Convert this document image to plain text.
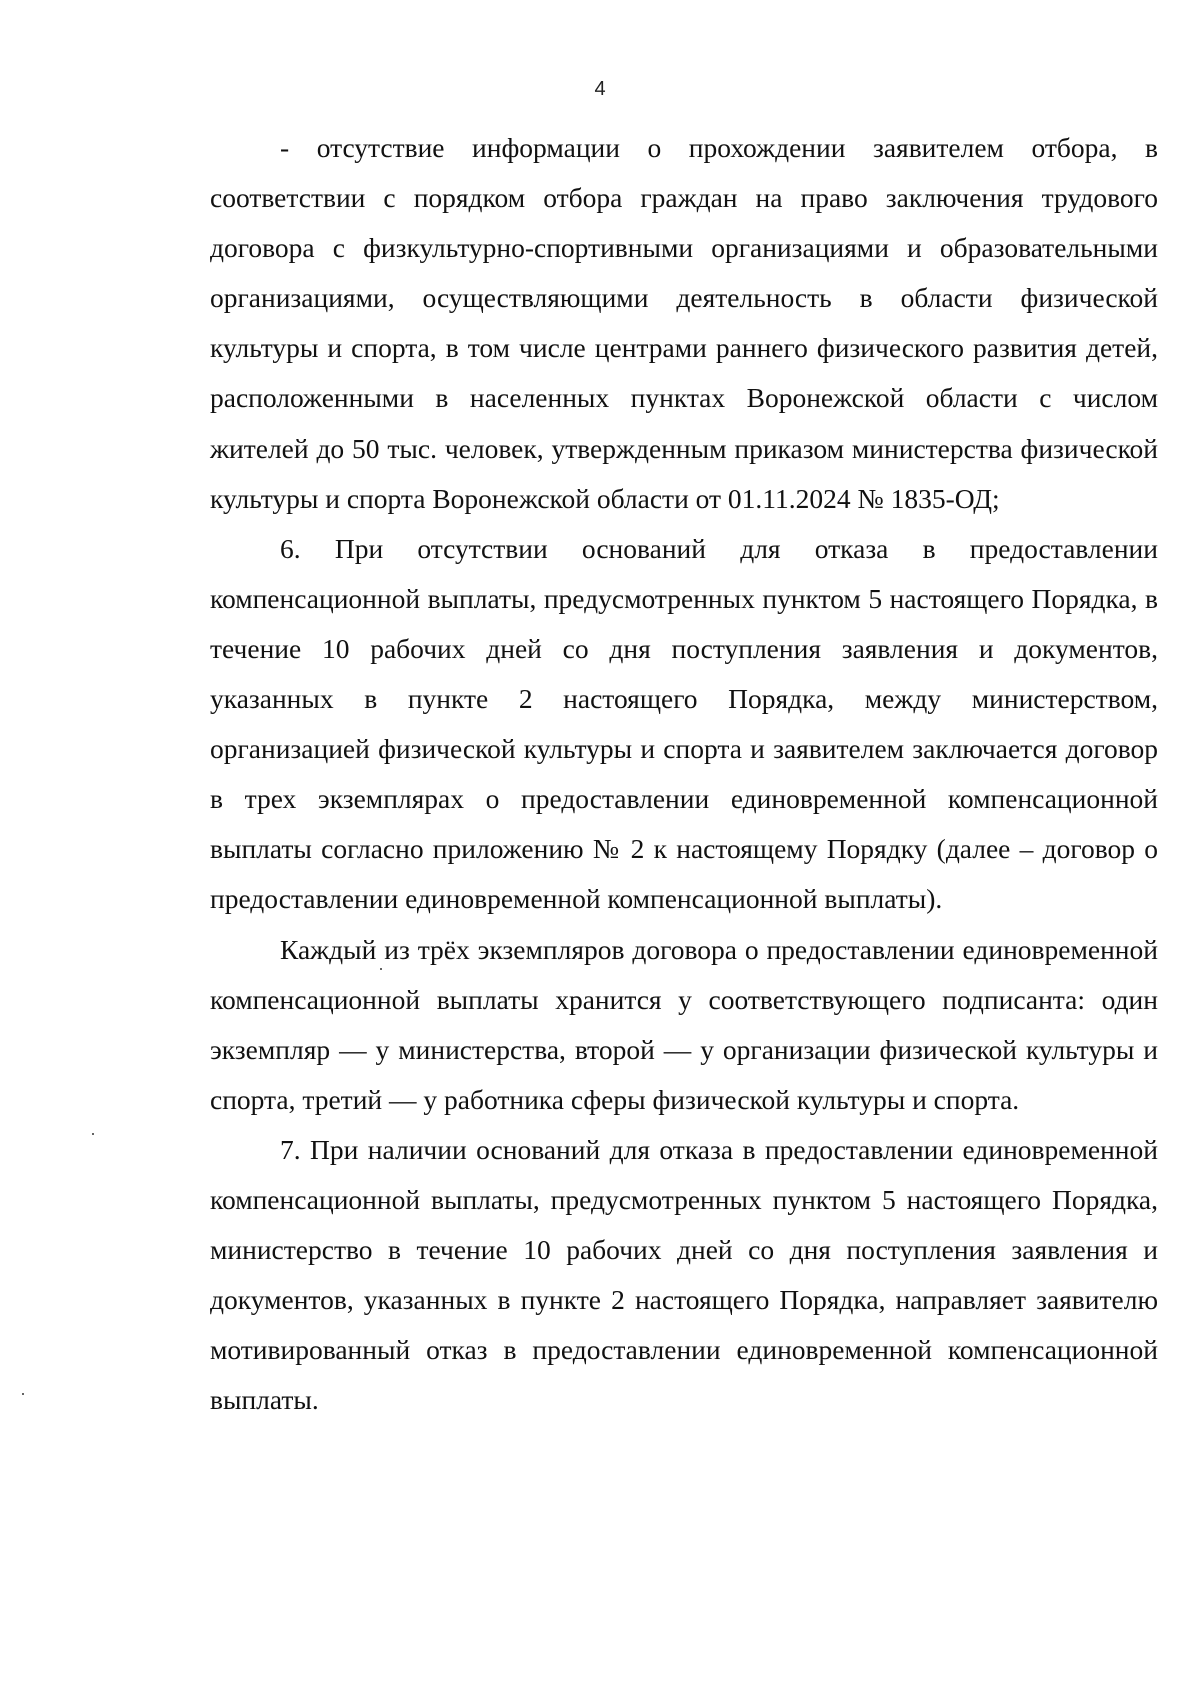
4

- отсутствие информации о прохождении заявителем отбора, в соответствии с порядком отбора граждан на право заключения трудового договора с физкультурно-спортивными организациями и образовательными организациями, осуществляющими деятельность в области физической культуры и спорта, в том числе центрами раннего физического развития детей, расположенными в населенных пунктах Воронежской области с числом жителей до 50 тыс. человек, утвержденным приказом министерства физической культуры и спорта Воронежской области от 01.11.2024 № 1835-ОД;

6. При отсутствии оснований для отказа в предоставлении компенсационной выплаты, предусмотренных пунктом 5 настоящего Порядка, в течение 10 рабочих дней со дня поступления заявления и документов, указанных в пункте 2 настоящего Порядка, между министерством, организацией физической культуры и спорта и заявителем заключается договор в трех экземплярах о предоставлении единовременной компенсационной выплаты согласно приложению № 2 к настоящему Порядку (далее – договор о предоставлении единовременной компенсационной выплаты).

Каждый из трёх экземпляров договора о предоставлении единовременной компенсационной выплаты хранится у соответствующего подписанта: один экземпляр — у министерства, второй — у организации физической культуры и спорта, третий — у работника сферы физической культуры и спорта.

7. При наличии оснований для отказа в предоставлении единовременной компенсационной выплаты, предусмотренных пунктом 5 настоящего Порядка, министерство в течение 10 рабочих дней со дня поступления заявления и документов, указанных в пункте 2 настоящего Порядка, направляет заявителю мотивированный отказ в предоставлении единовременной компенсационной выплаты.
